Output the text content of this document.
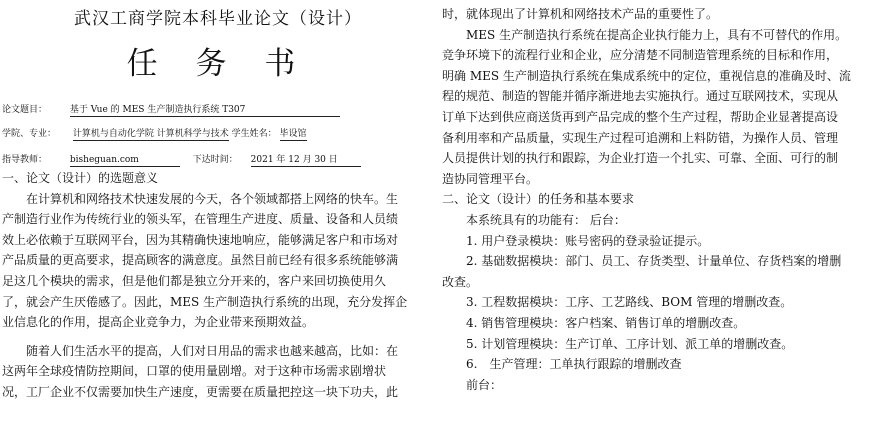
武汉工商学院本科毕业论文（设计）
任 务 书
论文题目：	基于 Vue 的 MES 生产制造执行系统 T307
学院、专业： 计算机与自动化学院 计算机科学与技术 学生姓名： 毕设馆
指导教师：	bisheguan.com	下达时间： 2021 年 12 月 30 日
一、论文（设计）的选题意义
　　在计算机和网络技术快速发展的今天，各个领域都搭上网络的快车。生
产制造行业作为传统行业的领头军，在管理生产进度、质量、设备和人员绩
效上必依赖于互联网平台，因为其精确快速地响应，能够满足客户和市场对
产品质量的更高要求，提高顾客的满意度。虽然目前已经有很多系统能够满
足这几个模块的需求，但是他们都是独立分开来的，客户来回切换使用久
了，就会产生厌倦感了。因此，MES 生产制造执行系统的出现，充分发挥企
业信息化的作用，提高企业竞争力，为企业带来预期效益。
　　随着人们生活水平的提高，人们对日用品的需求也越来越高，比如：在
这两年全球疫情防控期间，口罩的使用量剧增。对于这种市场需求剧增状
况，工厂企业不仅需要加快生产速度，更需要在质量把控这一块下功夫，此
时，就体现出了计算机和网络技术产品的重要性了。
　　MES 生产制造执行系统在提高企业执行能力上，具有不可替代的作用。
竞争环境下的流程行业和企业，应分清楚不同制造管理系统的目标和作用，
明确 MES 生产制造执行系统在集成系统中的定位，重视信息的准确及时、流
程的规范、制造的智能并循序渐进地去实施执行。通过互联网技术，实现从
订单下达到供应商送货再到产品完成的整个生产过程，帮助企业显著提高设
备利用率和产品质量，实现生产过程可追溯和上料防错，为操作人员、管理
人员提供计划的执行和跟踪，为企业打造一个扎实、可靠、全面、可行的制
造协同管理平台。
二、论文（设计）的任务和基本要求
　　本系统具有的功能有： 后台：
　　1. 用户登录模块：账号密码的登录验证提示。
　　2. 基础数据模块：部门、员工、存货类型、计量单位、存货档案的增删
改查。
　　3. 工程数据模块：工序、工艺路线、BOM 管理的增删改查。
　　4. 销售管理模块：客户档案、销售订单的增删改查。
　　5. 计划管理模块：生产订单、工序计划、派工单的增删改查。
　　6.　生产管理：工单执行跟踪的增删改查
　　前台：
